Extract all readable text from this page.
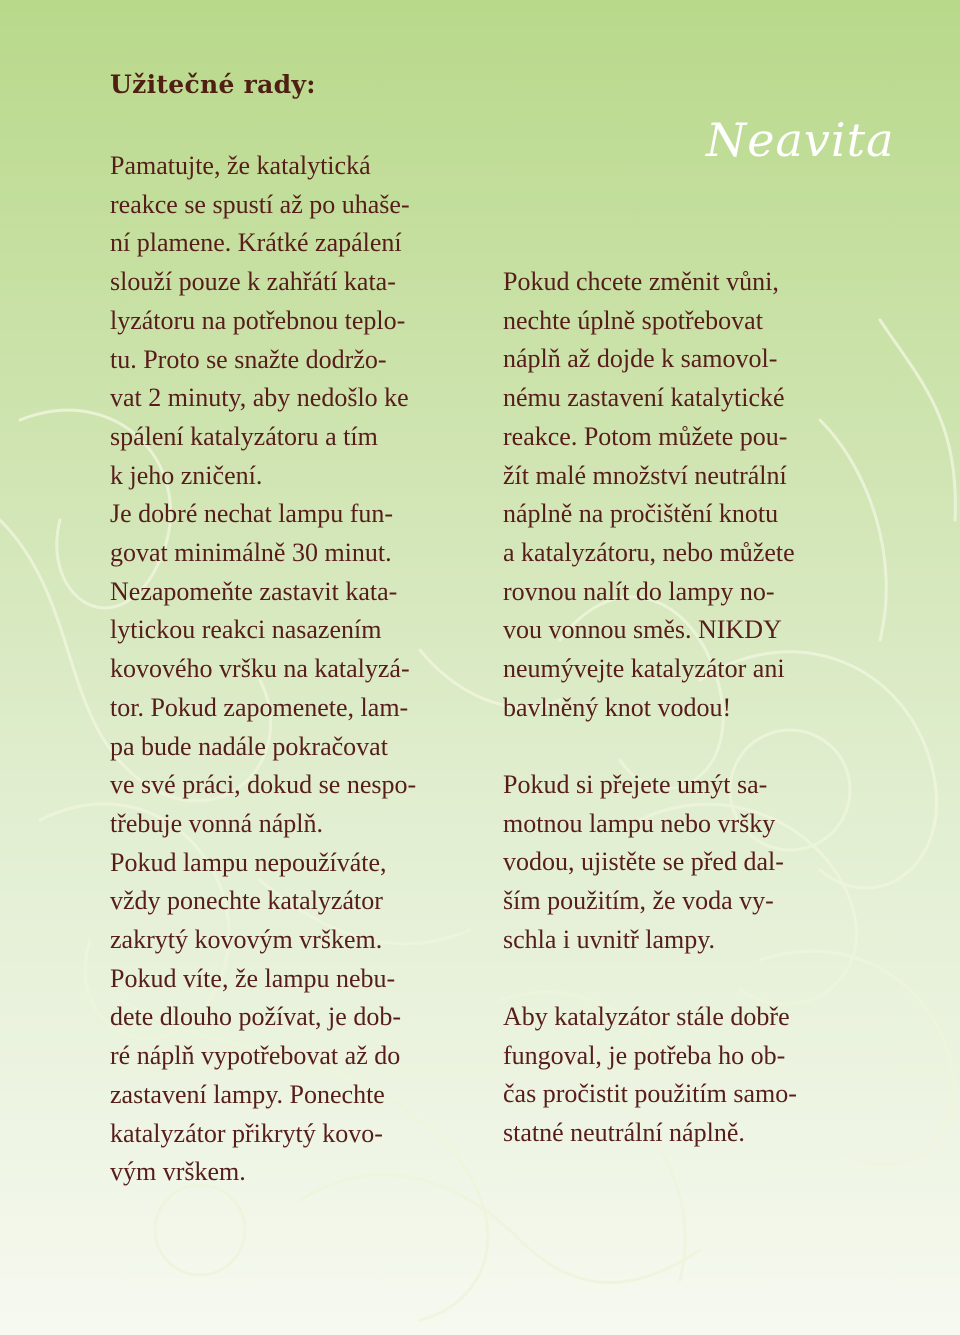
Užitečné rady:
Neavita

Pamatujte, že katalytická
reakce se spustí až po uhaše-
ní plamene. Krátké zapálení
slouží pouze k zahřátí kata-
lyzátoru na potřebnou teplo-
tu. Proto se snažte dodržo-
vat 2 minuty, aby nedošlo ke
spálení katalyzátoru a tím
k jeho zničení.
Je dobré nechat lampu fun-
govat minimálně 30 minut.
Nezapomeňte zastavit kata-
lytickou reakci nasazením
kovového vršku na katalyzá-
tor. Pokud zapomenete, lam-
pa bude nadále pokračovat
ve své práci, dokud se nespo-
třebuje vonná náplň.
Pokud lampu nepoužíváte,
vždy ponechte katalyzátor
zakrytý kovovým vrškem.
Pokud víte, že lampu nebu-
dete dlouho požívat, je dob-
ré náplň vypotřebovat až do
zastavení lampy. Ponechte
katalyzátor přikrytý kovo-
vým vrškem.

Pokud chcete změnit vůni,
nechte úplně spotřebovat
náplň až dojde k samovol-
nému zastavení katalytické
reakce. Potom můžete pou-
žít malé množství neutrální
náplně na pročištění knotu
a katalyzátoru, nebo můžete
rovnou nalít do lampy no-
vou vonnou směs. NIKDY
neumývejte katalyzátor ani
bavlněný knot vodou!

Pokud si přejete umýt sa-
motnou lampu nebo vršky
vodou, ujistěte se před dal-
ším použitím, že voda vy-
schla i uvnitř lampy.

Aby katalyzátor stále dobře
fungoval, je potřeba ho ob-
čas pročistit použitím samo-
statné neutrální náplně.
